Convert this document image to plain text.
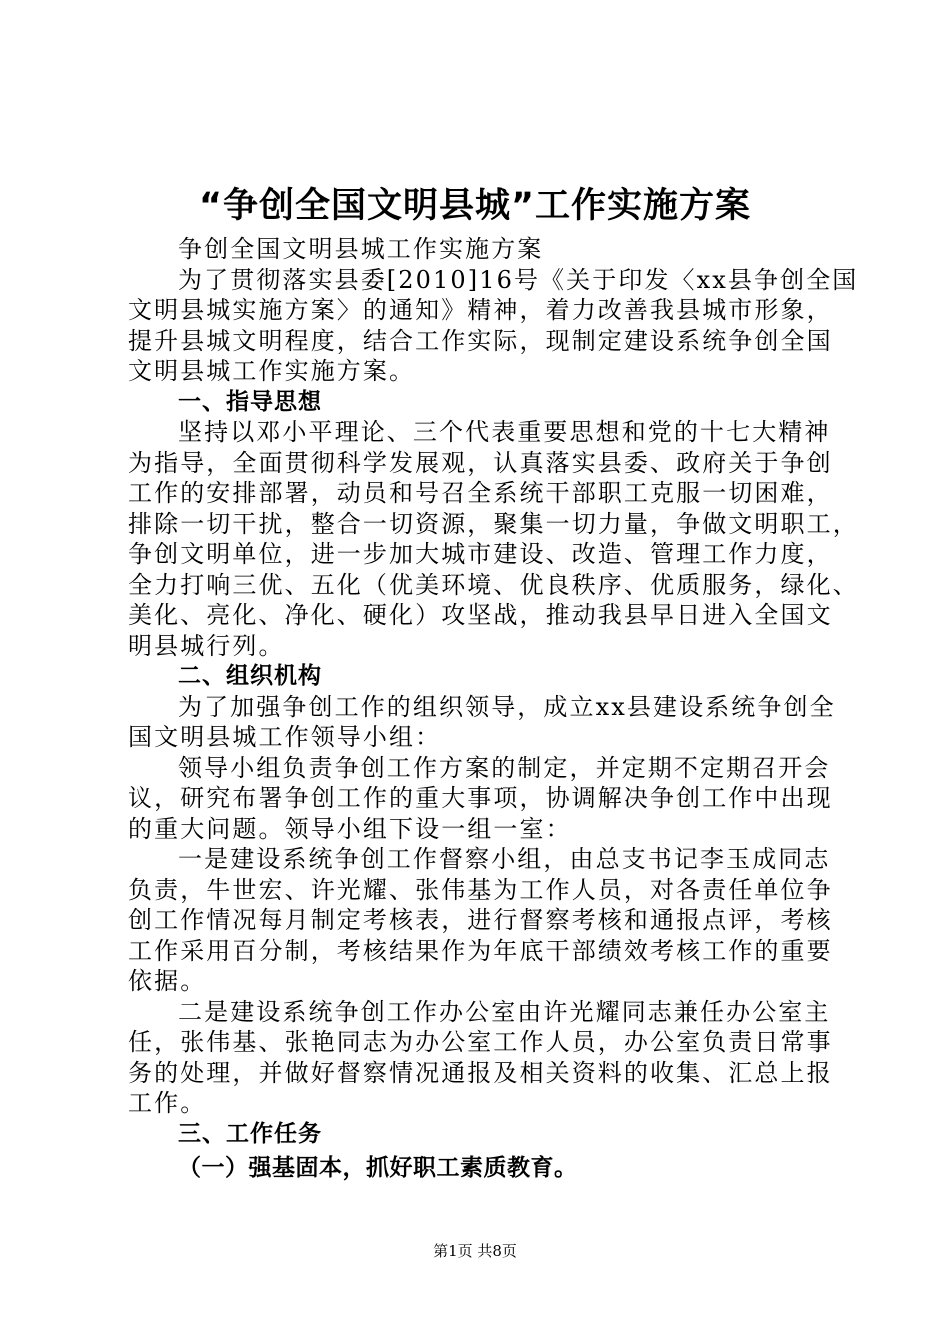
“争创全国文明县城”工作实施方案

争创全国文明县城工作实施方案

为了贯彻落实县委[2010]16号《关于印发〈xx县争创全国

文明县城实施方案〉的通知》精神，着力改善我县城市形象，

提升县城文明程度，结合工作实际，现制定建设系统争创全国

文明县城工作实施方案。

一、指导思想

坚持以邓小平理论、三个代表重要思想和党的十七大精神

为指导，全面贯彻科学发展观，认真落实县委、政府关于争创

工作的安排部署，动员和号召全系统干部职工克服一切困难，

排除一切干扰，整合一切资源，聚集一切力量，争做文明职工，

争创文明单位，进一步加大城市建设、改造、管理工作力度，

全力打响三优、五化（优美环境、优良秩序、优质服务，绿化、

美化、亮化、净化、硬化）攻坚战，推动我县早日进入全国文

明县城行列。

二、组织机构

为了加强争创工作的组织领导，成立xx县建设系统争创全

国文明县城工作领导小组：

领导小组负责争创工作方案的制定，并定期不定期召开会

议，研究布署争创工作的重大事项，协调解决争创工作中出现

的重大问题。领导小组下设一组一室：

一是建设系统争创工作督察小组，由总支书记李玉成同志

负责，牛世宏、许光耀、张伟基为工作人员，对各责任单位争

创工作情况每月制定考核表，进行督察考核和通报点评，考核

工作采用百分制，考核结果作为年底干部绩效考核工作的重要

依据。

二是建设系统争创工作办公室由许光耀同志兼任办公室主

任，张伟基、张艳同志为办公室工作人员，办公室负责日常事

务的处理，并做好督察情况通报及相关资料的收集、汇总上报

工作。

三、工作任务

（一）强基固本，抓好职工素质教育。

第1页 共8页
